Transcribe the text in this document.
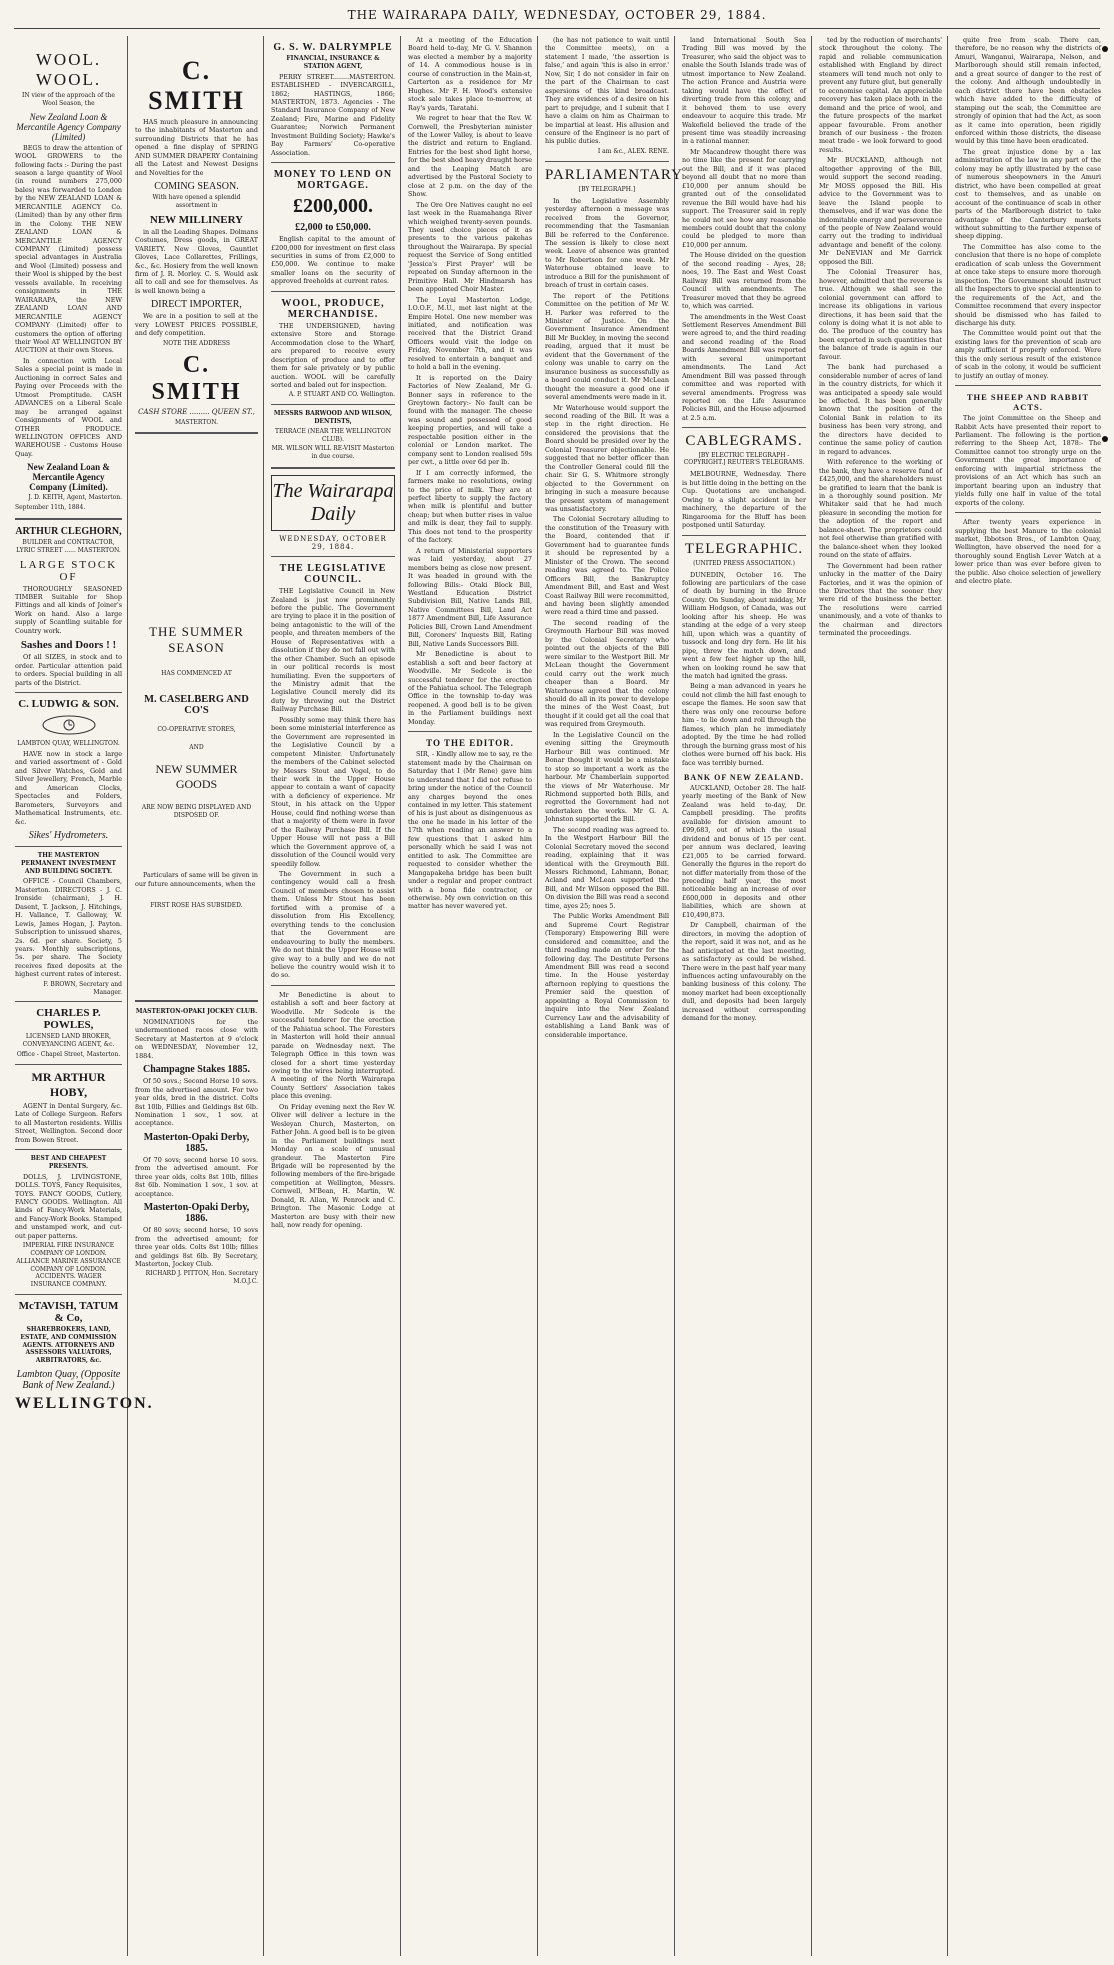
THE WAIRARAPA DAILY, WEDNESDAY, OCTOBER 29, 1884.
WOOL. WOOL.
IN view of the approach of the Wool Season, the
New Zealand Loan & Mercantile Agency Company (Limited)

BEGS to draw the attention of WOOL GROWERS to the following facts :- During the past season a large quantity of Wool (in round numbers 275,000 bales) was forwarded to London by the NEW ZEALAND LOAN & MERCANTILE AGENCY Co. (Limited) than by any other firm in the Colony. THE NEW ZEALAND LOAN & MERCANTILE AGENCY COMPANY (Limited) possess special advantages in Australia and Wool (Limited) possess and their Wool is shipped by the best vessels available. In receiving consignments in THE WAIRARAPA, the NEW ZEALAND LOAN AND MERCANTILE AGENCY COMPANY (Limited) offer to customers the option of offering their Wool AT WELLINGTON BY AUCTION at their own Stores.

In connection with Local Sales a special point is made in Auctioning in correct Sales and Paying over Proceeds with the Utmost Promptitude. CASH ADVANCES on a Liberal Scale may be arranged against Consignments of WOOL and OTHER PRODUCE. WELLINGTON OFFICES AND WAREHOUSE - Customs House Quay.

New Zealand Loan & Mercantile Agency Company (Limited).
J. D. KEITH, Agent, Masterton.
September 11th, 1884.
ARTHUR CLEGHORN,
BUILDER and CONTRACTOR, LYRIC STREET ...... MASTERTON.
LARGE STOCK OF

THOROUGHLY SEASONED TIMBER Suitable for Shop Fittings and all kinds of Joiner's Work on hand. Also a large supply of Scantling suitable for Country work.

Sashes and Doors ! !

Of all SIZES, in stock and to order. Particular attention paid to orders. Special building in all parts of the District.

C. LUDWIG & SON.
LAMBTON QUAY, WELLINGTON.

HAVE now in stock a large and varied assortment of - Gold and Silver Watches, Gold and Silver Jewellery, French, Marble and American Clocks, Spectacles and Folders, Barometers, Surveyors and Mathematical Instruments, etc. &c.

Sikes' Hydrometers.
THE MASTERTON PERMANENT INVESTMENT AND BUILDING SOCIETY.

OFFICE - Council Chambers, Masterton. DIRECTORS - J. C. Ironside (chairman), J. H. Dasent, T. Jackson, J. Hitchings, H. Vallance, T. Galloway, W. Lewis, James Hogan, J. Payton. Subscription to unissued shares, 2s. 6d. per share. Society, 5 years. Monthly subscriptions, 5s. per share. The Society receives fixed deposits at the highest current rates of interest.

F. BROWN, Secretary and Manager.
CHARLES P. POWLES,
LICENSED LAND BROKER, CONVEYANCING AGENT, &c.
Office - Chapel Street, Masterton.
MR ARTHUR HOBY,

AGENT in Dental Surgery, &c. Late of College Surgeon. Refers to all Masterton residents. Willis Street, Wellington. Second door from Bowen Street.

BEST AND CHEAPEST PRESENTS.

DOLLS, J. LIVINGSTONE, DOLLS. TOYS, Fancy Requisites, TOYS. FANCY GOODS, Cutlery, FANCY GOODS. Wellington. All kinds of Fancy-Work Materials, and Fancy-Work Books. Stamped and unstamped work, and cut-out paper patterns.

IMPERIAL FIRE INSURANCE COMPANY OF LONDON. ALLIANCE MARINE ASSURANCE COMPANY OF LONDON. ACCIDENTS. WAGER INSURANCE COMPANY.
McTAVISH, TATUM & Co,
SHAREBROKERS, LAND, ESTATE, AND COMMISSION AGENTS. ATTORNEYS AND ASSESSORS VALUATORS, ARBITRATORS, &c.
Lambton Quay, (Opposite Bank of New Zealand.)
WELLINGTON.
C. SMITH

HAS much pleasure in announcing to the inhabitants of Masterton and surrounding Districts that he has opened a fine display of SPRING AND SUMMER DRAPERY Containing all the Latest and Newest Designs and Novelties for the

COMING SEASON.
With have opened a splendid assortment in
NEW MILLINERY

in all the Leading Shapes. Dolmans Costumes, Dress goods, in GREAT VARIETY. New Gloves, Gauntlet Gloves, Lace Collarettes, Frillings, &c., &c. Hosiery from the well known firm of J. R. Morley. C. S. Would ask all to call and see for themselves. As is well known being a

DIRECT IMPORTER,

We are in a position to sell at the very LOWEST PRICES POSSIBLE, and defy competition.

NOTE THE ADDRESS
C. SMITH
CASH STORE ......... QUEEN ST.,
MASTERTON.
THE SUMMER SEASON
HAS COMMENCED AT
M. CASELBERG AND CO'S
CO-OPERATIVE STORES,
AND
NEW SUMMER GOODS
ARE NOW BEING DISPLAYED AND DISPOSED OF.

Particulars of same will be given in our future announcements, when the

FIRST ROSE HAS SUBSIDED.
MASTERTON-OPAKI JOCKEY CLUB.

NOMINATIONS for the undermentioned races close with Secretary at Masterton at 9 o'clock on WEDNESDAY, November 12, 1884.

Champagne Stakes 1885.

Of 50 sovs.; Second Horse 10 sovs. from the advertised amount. For two year olds, bred in the district. Colts 8st 10lb, Fillies and Geldings 8st 6lb. Nomination 1 sov., 1 sov. at acceptance.

Masterton-Opaki Derby, 1885.

Of 70 sovs; second horse 10 sovs. from the advertised amount. For three year olds, colts 8st 10lb, fillies 8st 6lb. Nomination 1 sov., 1 sov. at acceptance.

Masterton-Opaki Derby, 1886.

Of 80 sovs; second horse, 10 sovs from the advertised amount; for three year olds. Colts 8st 10lb; fillies and geldings 8st 6lb. By Secretary, Masterton, Jockey Club.

RICHARD J. PITTON, Hon. Secretary M.O.J.C.
G. S. W. DALRYMPLE
FINANCIAL, INSURANCE & STATION AGENT,

PERRY STREET........MASTERTON. ESTABLISHED - INVERCARGILL, 1862; HASTINGS, 1866; MASTERTON, 1873. Agencies - The Standard Insurance Company of New Zealand; Fire, Marine and Fidelity Guarantee; Norwich Permanent Investment Building Society; Hawke's Bay Farmers' Co-operative Association.

MONEY TO LEND ON MORTGAGE.
£200,000.
£2,000 to £50,000.

English capital to the amount of £200,000 for investment on first class securities in sums of from £2,000 to £50,000. We continue to make smaller loans on the security of approved freeholds at current rates.

WOOL, PRODUCE, MERCHANDISE.

THE UNDERSIGNED, having extensive Store and Storage Accommodation close to the Wharf, are prepared to receive every description of produce and to offer them for sale privately or by public auction. WOOL will be carefully sorted and baled out for inspection.

A. P. STUART AND CO. Wellington.
MESSRS BARWOOD AND WILSON, DENTISTS,
TERRACE (NEAR THE WELLINGTON CLUB).
MR. WILSON WILL RE-VISIT Masterton in due course.
The Wairarapa Daily
WEDNESDAY, OCTOBER 29, 1884.
THE LEGISLATIVE COUNCIL.

THE Legislative Council in New Zealand is just now prominently before the public. The Government are trying to place it in the position of being antagonistic to the will of the people, and threaten members of the House of Representatives with a dissolution if they do not fall out with the other Chamber. Such an episode in our political records is most humiliating. Even the supporters of the Ministry admit that the Legislative Council merely did its duty by throwing out the District Railway Purchase Bill.

Possibly some may think there has been some ministerial interference as the Government are represented in the Legislative Council by a competent Minister. Unfortunately the members of the Cabinet selected by Messrs Stout and Vogel, to do their work in the Upper House appear to contain a want of capacity with a deficiency of experience. Mr Stout, in his attack on the Upper House, could find nothing worse than that a majority of them were in favor of the Railway Purchase Bill. If the Upper House will not pass a Bill which the Government approve of, a dissolution of the Council would very speedily follow.

The Government in such a contingency would call a fresh Council of members chosen to assist them. Unless Mr Stout has been fortified with a promise of a dissolution from His Excellency, everything tends to the conclusion that the Government are endeavouring to bully the members. We do not think the Upper House will give way to a bully and we do not believe the country would wish it to do so.

Mr Benedictine is about to establish a soft and beer factory at Woodville. Mr Sedcole is the successful tenderer for the erection of the Pahiatua school. The Foresters in Masterton will hold their annual parade on Wednesday next. The Telegraph Office in this town was closed for a short time yesterday owing to the wires being interrupted. A meeting of the North Wairarapa County Settlers' Association takes place this evening.

On Friday evening next the Rev W. Oliver will deliver a lecture in the Wesleyan Church, Masterton, on Father John. A good bell is to be given in the Parliament buildings next Monday on a scale of unusual grandeur. The Masterton Fire Brigade will be represented by the following members of the fire-brigade competition at Wellington, Messrs. Cornwell, M'Bean, H. Martin, W. Donald, R. Allan, W. Penrock and C. Brington. The Masonic Lodge at Masterton are busy with their new hall, now ready for opening.

At a meeting of the Education Board held to-day, Mr G. V. Shannon was elected a member by a majority of 14. A commodious house is in course of construction in the Main-st, Carterton as a residence for Mr Hughes. Mr F. H. Wood's extensive stock sale takes place to-morrow, at Ray's yards, Taratahi.

We regret to hear that the Rev. W. Cornwell, the Presbyterian minister of the Lower Valley, is about to leave the district and return to England. Entries for the best shod light horse, for the best shod heavy draught horse and the Leaping Match are advertised by the Pastoral Society to close at 2 p.m. on the day of the Show.

The Ore Ore Natives caught no eel last week in the Ruamahanga River which weighed twenty-seven pounds. They used choice pieces of it as presents to the various pakehas throughout the Wairarapa. By special request the Service of Song entitled 'Jessica's First Prayer' will be repeated on Sunday afternoon in the Primitive Hall. Mr Hindmarsh has been appointed Choir Master.

The Loyal Masterton Lodge, I.O.O.F., M.U., met last night at the Empire Hotel. One new member was initiated, and notification was received that the District Grand Officers would visit the lodge on Friday, November 7th, and it was resolved to entertain a banquet and to hold a ball in the evening.

It is reported on the Dairy Factories of New Zealand, Mr G. Bonner says in reference to the Greytown factory:- No fault can be found with the manager. The cheese was sound and possessed of good keeping properties, and will take a respectable position either in the colonial or London market. The company sent to London realised 59s per cwt., a little over 6d per lb.

If I am correctly informed, the farmers make no resolutions, owing to the price of milk. They are at perfect liberty to supply the factory when milk is plentiful and butter cheap; but when butter rises in value and milk is dear, they fail to supply. This does not tend to the prosperity of the factory.

A return of Ministerial supporters was laid yesterday, about 27 members being as close now present. It was headed in ground with the following Bills:- Otaki Block Bill, Westland Education District Subdivision Bill, Native Lands Bill, Native Committees Bill, Land Act 1877 Amendment Bill, Life Assurance Policies Bill, Crown Land Amendment Bill, Coroners' Inquests Bill, Rating Bill, Native Lands Successors Bill.

Mr Benedictine is about to establish a soft and beer factory at Woodville. Mr Sedcole is the successful tenderer for the erection of the Pahiatua school. The Telegraph Office in the township to-day was reopened. A good bell is to be given in the Parliament buildings next Monday.

TO THE EDITOR.

SIR, - Kindly allow me to say, re the statement made by the Chairman on Saturday that I (Mr Rene) gave him to understand that I did not refuse to bring under the notice of the Council any charges beyond the ones contained in my letter. This statement of his is just about as disingenuous as the one he made in his letter of the 17th when reading an answer to a few questions that I asked him personally which he said I was not entitled to ask. The Committee are requested to consider whether the Mangapakeha bridge has been built under a regular and proper contract with a bona fide contractor, or otherwise. My own conviction on this matter has never wavered yet.

(he has not patience to wait until the Committee meets), on a statement I made, 'the assertion is false,' and again 'this is also in error.' Now, Sir, I do not consider in fair on the part of the Chairman to cast aspersions of this kind broadcast. They are evidences of a desire on his part to prejudge, and I submit that I have a claim on him as Chairman to be impartial at least. His allusion and censure of the Engineer is no part of his public duties.

I am &c., ALEX. RENE.
PARLIAMENTARY
[BY TELEGRAPH.]

In the Legislative Assembly yesterday afternoon a message was received from the Governor, recommending that the Tasmanian Bill be referred to the Conference. The session is likely to close next week. Leave of absence was granted to Mr Robertson for one week. Mr Waterhouse obtained leave to introduce a Bill for the punishment of breach of trust in certain cases.

The report of the Petitions Committee on the petition of Mr W. H. Parker was referred to the Minister of Justice. On the Government Insurance Amendment Bill Mr Buckley, in moving the second reading, argued that it must be evident that the Government of the colony was unable to carry on the insurance business as successfully as a board could conduct it. Mr McLean thought the measure a good one if several amendments were made in it.

Mr Waterhouse would support the second reading of the Bill. It was a step in the right direction. He considered the provisions that the Board should be presided over by the Colonial Treasurer objectionable. He suggested that no better officer than the Controller General could fill the chair. Sir G. S. Whitmore strongly objected to the Government on bringing in such a measure because the present system of management was unsatisfactory.

The Colonial Secretary alluding to the constitution of the Treasury with the Board, contended that if Government had to guarantee funds it should be represented by a Minister of the Crown. The second reading was agreed to. The Police Officers Bill, the Bankruptcy Amendment Bill, and East and West Coast Railway Bill were recommitted, and having been slightly amended were read a third time and passed.

The second reading of the Greymouth Harbour Bill was moved by the Colonial Secretary who pointed out the objects of the Bill were similar to the Westport Bill. Mr McLean thought the Government could carry out the work much cheaper than a Board. Mr Waterhouse agreed that the colony should do all in its power to develope the mines of the West Coast, but thought if it could get all the coal that was required from Greymouth.

In the Legislative Council on the evening sitting the Greymouth Harbour Bill was continued. Mr Bonar thought it would be a mistake to stop so important a work as the harbour. Mr Chamberlain supported the views of Mr Waterhouse. Mr Richmond supported both Bills, and regretted the Government had not undertaken the works. Mr G. A. Johnston supported the Bill.

The second reading was agreed to. In the Westport Harbour Bill the Colonial Secretary moved the second reading, explaining that it was identical with the Greymouth Bill. Messrs Richmond, Lahmann, Bonar, Acland and McLean supported the Bill, and Mr Wilson opposed the Bill. On division the Bill was read a second time, ayes 25; noes 5.

The Public Works Amendment Bill and Supreme Court Registrar (Temporary) Empowering Bill were considered and committee, and the third reading made an order for the following day. The Destitute Persons Amendment Bill was read a second time. In the House yesterday afternoon replying to questions the Premier said the question of appointing a Royal Commission to inquire into the New Zealand Currency Law and the advisability of establishing a Land Bank was of considerable importance.

land International South Sea Trading Bill was moved by the Treasurer, who said the object was to enable the South Islands trade was of utmost importance to New Zealand. The action France and Austria were taking would have the effect of diverting trade from this colony, and it behoved them to use every endeavour to acquire this trade. Mr Wakefield believed the trade of the present time was steadily increasing in a rational manner.

Mr Macandrew thought there was no time like the present for carrying out the Bill, and if it was placed beyond all doubt that no more than £10,000 per annum should be granted out of the consolidated revenue the Bill would have had his support. The Treasurer said in reply he could not see how any reasonable members could doubt that the colony could be pledged to more than £10,000 per annum.

The House divided on the question of the second reading - Ayes, 28; noes, 19. The East and West Coast Railway Bill was returned from the Council with amendments. The Treasurer moved that they be agreed to, which was carried.

The amendments in the West Coast Settlement Reserves Amendment Bill were agreed to, and the third reading and second reading of the Road Boards Amendment Bill was reported with several unimportant amendments. The Land Act Amendment Bill was passed through committee and was reported with several amendments. Progress was reported on the Life Assurance Policies Bill, and the House adjourned at 2.5 a.m.

CABLEGRAMS.
[BY ELECTRIC TELEGRAPH - COPYRIGHT.] REUTER'S TELEGRAMS.

MELBOURNE, Wednesday. There is but little doing in the betting on the Cup. Quotations are unchanged. Owing to a slight accident in her machinery, the departure of the Ringarooma for the Bluff has been postponed until Saturday.

TELEGRAPHIC.
(UNITED PRESS ASSOCIATION.)

DUNEDIN, October 16. The following are particulars of the case of death by burning in the Bruce County. On Sunday, about midday, Mr William Hodgson, of Canada, was out looking after his sheep. He was standing at the edge of a very steep hill, upon which was a quantity of tussock and long dry fern. He lit his pipe, threw the match down, and went a few feet higher up the hill, when on looking round he saw that the match had ignited the grass.

Being a man advanced in years he could not climb the hill fast enough to escape the flames. He soon saw that there was only one recourse before him - to lie down and roll through the flames, which plan he immediately adopted. By the time he had rolled through the burning grass most of his clothes were burned off his back. His face was terribly burned.

BANK OF NEW ZEALAND.

AUCKLAND, October 28. The half-yearly meeting of the Bank of New Zealand was held to-day, Dr. Campbell presiding. The profits available for division amount to £99,683, out of which the usual dividend and bonus of 15 per cent. per annum was declared, leaving £21,005 to be carried forward. Generally the figures in the report do not differ materially from those of the preceding half year, the most noticeable being an increase of over £600,000 in deposits and other liabilities, which are shown at £10,490,873.

Dr Campbell, chairman of the directors, in moving the adoption of the report, said it was not, and as he had anticipated at the last meeting, as satisfactory as could be wished. There were in the past half year many influences acting unfavourably on the banking business of this colony. The money market had been exceptionally dull, and deposits had been largely increased without corresponding demand for the money.

ted by the reduction of merchants' stock throughout the colony. The rapid and reliable communication established with England by direct steamers will tend much not only to prevent any future glut, but generally to economise capital. An appreciable recovery has taken place both in the demand and the price of wool, and the future prospects of the market appear favourable. From another branch of our business - the frozen meat trade - we look forward to good results.

Mr BUCKLAND, although not altogether approving of the Bill, would support the second reading. Mr MOSS opposed the Bill. His advice to the Government was to leave the Island people to themselves, and if war was done the indomitable energy and perseverance of the people of New Zealand would carry out the trading to individual advantage and benefit of the colony. Mr DeNEVIAN and Mr Garrick opposed the Bill.

The Colonial Treasurer has, however, admitted that the reverse is true. Although we shall see the colonial government can afford to increase its obligations in various directions, it has been said that the colony is doing what it is not able to do. The produce of the country has been exported in such quantities that the balance of trade is again in our favour.

The bank had purchased a considerable number of acres of land in the country districts, for which it was anticipated a speedy sale would be effected. It has been generally known that the position of the Colonial Bank in relation to its business has been very strong, and the directors have decided to continue the same policy of caution in regard to advances.

With reference to the working of the bank, they have a reserve fund of £425,000, and the shareholders must be gratified to learn that the bank is in a thoroughly sound position. Mr Whitaker said that he had much pleasure in seconding the motion for the adoption of the report and balance-sheet. The proprietors could not feel otherwise than gratified with the balance-sheet when they looked round on the state of affairs.

The Government had been rather unlucky in the matter of the Dairy Factories, and it was the opinion of the Directors that the sooner they were rid of the business the better. The resolutions were carried unanimously, and a vote of thanks to the chairman and directors terminated the proceedings.

quite free from scab. There can, therefore, be no reason why the districts of Amuri, Wanganui, Wairarapa, Nelson, and Marlborough should still remain infected, and a great source of danger to the rest of the colony. And although undoubtedly in each district there have been obstacles which have added to the difficulty of stamping out the scab, the Committee are strongly of opinion that had the Act, as soon as it came into operation, been rigidly enforced within those districts, the disease would by this time have been eradicated.

The great injustice done by a lax administration of the law in any part of the colony may be aptly illustrated by the case of numerous sheepowners in the Amuri district, who have been compelled at great cost to themselves, and as unable on account of the continuance of scab in other parts of the Marlborough district to take advantage of the Canterbury markets without submitting to the further expense of sheep dipping.

The Committee has also come to the conclusion that there is no hope of complete eradication of scab unless the Government at once take steps to ensure more thorough inspection. The Government should instruct all the Inspectors to give special attention to the requirements of the Act, and the Committee recommend that every inspector should be dismissed who has failed to discharge his duty.

The Committee would point out that the existing laws for the prevention of scab are amply sufficient if properly enforced. Were this the only serious result of the existence of scab in the colony, it would be sufficient to justify an outlay of money.

THE SHEEP AND RABBIT ACTS.

The joint Committee on the Sheep and Rabbit Acts have presented their report to Parliament. The following is the portion referring to the Sheep Act, 1878:- The Committee cannot too strongly urge on the Government the great importance of enforcing with impartial strictness the provisions of an Act which has such an important bearing upon an industry that yields fully one half in value of the total exports of the colony.

After twenty years experience in supplying the best Manure to the colonial market, Ibbotson Bros., of Lambton Quay, Wellington, have observed the need for a thoroughly sound English Lever Watch at a lower price than was ever before given to the public. Also choice selection of jewellery and electro plate.
